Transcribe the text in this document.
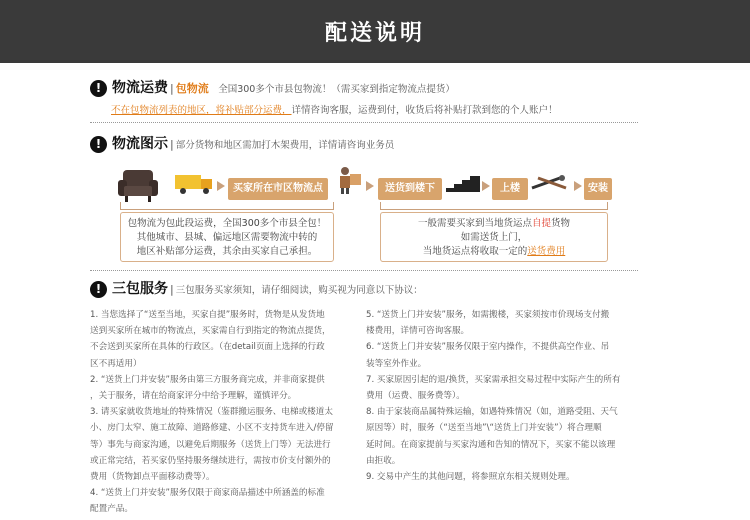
配送说明
! 物流运费 | 包物流 全国300多个市县包物流！（需买家到指定物流点提货）
不在包物流列表的地区，将补贴部分运费，详情咨询客服，运费到付，收货后将补贴打款到您的个人账户！
! 物流图示 | 部分货物和地区需加打木架费用，详情请咨询业务员
买家所在市区物流点	送货到楼下	上楼	安装
包物流为包此段运费，全国300多个市县全包！
其他城市、县城、偏远地区需要物流中转的
地区补贴部分运费，其余由买家自己承担。
一般需要买家到当地货运点自提货物
如需送货上门，
当地货运点将收取一定的送货费用
! 三包服务 | 三包服务买家须知，请仔细阅读，购买视为同意以下协议：

1. 当您选择了“送至当地，买家自提”服务时，货物是从发货地

送到买家所在城市的物流点，买家需自行到指定的物流点提货，

不会送到买家所在具体的行政区。（在detail页面上选择的行政

区不再适用）

2. “送货上门并安装”服务由第三方服务商完成，并非商家提供

，关于服务，请在给商家评分中给予理解，谨慎评分。

3. 请买家就收货地址的特殊情况（鉴群搬运服务、电梯或楼道太

小、房门太窄、施工故障、道路修建、小区不支持货车进入/停留

等）事先与商家沟通，以避免后期服务（送货上门等）无法进行

或正常完结，若买家仍坚持服务继续进行，需按市价支付额外的

费用（货物卸点平面移动费等）。

4. “送货上门并安装”服务仅限于商家商品描述中所涵盖的标准

配置产品。

5. “送货上门并安装”服务，如需搬楼，买家须按市价现场支付搬

楼费用，详情可咨询客服。

6. “送货上门并安装”服务仅限于室内操作，不提供高空作业、吊

装等室外作业。

7. 买家原因引起的退/换货，买家需承担交易过程中实际产生的所有

费用（运费、服务费等）。

8. 由于家装商品属特殊运输，如遇特殊情况（如，道路受阻、天气

原因等）时，服务（“送至当地”\“送货上门并安装”）将合理顺

延时间。在商家提前与买家沟通和告知的情况下，买家不能以该理

由拒收。

9. 交易中产生的其他问题，将参照京东相关规则处理。
